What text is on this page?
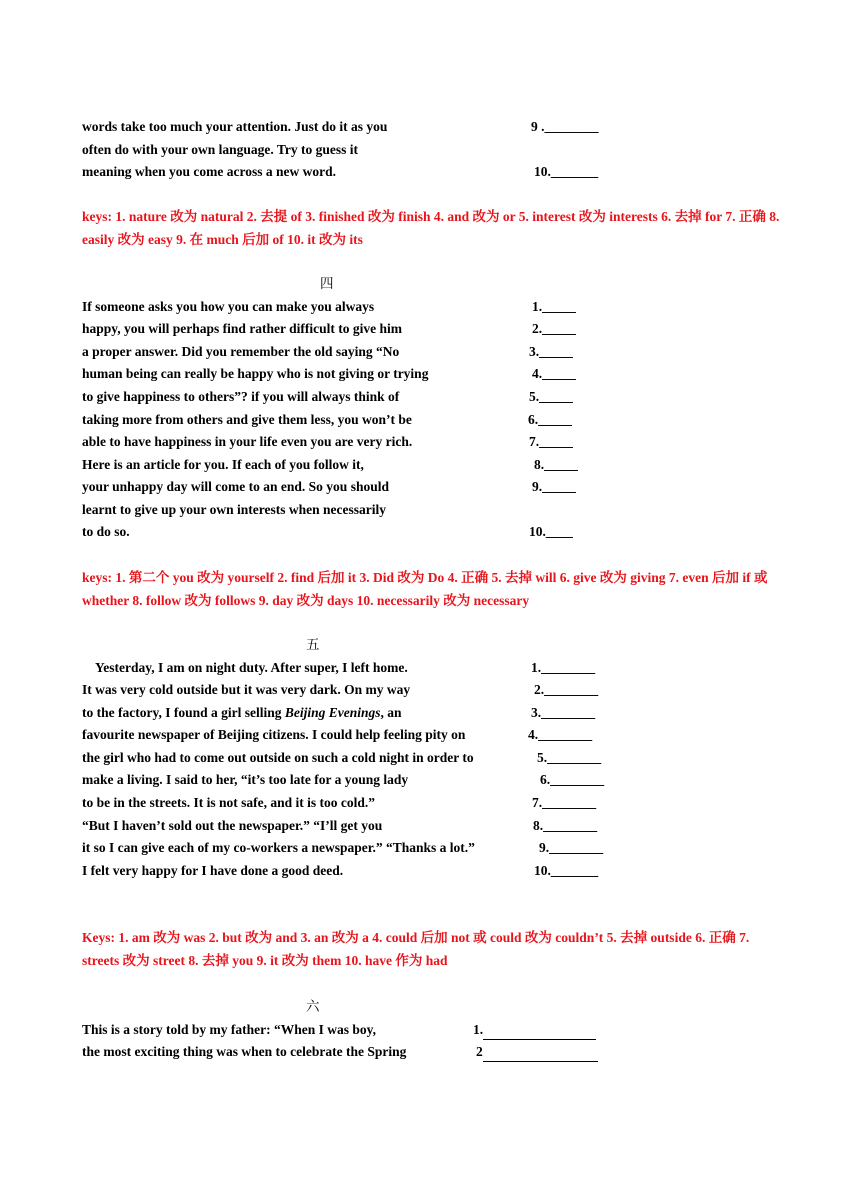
words take too much your attention. Just do it as you	9 .________
often do with your own language. Try to guess it
meaning when you come across a new word.	10._______
keys: 1. nature 改为 natural 2. 去提 of 3. finished 改为 finish 4. and 改为 or 5. interest 改为 interests 6. 去掉 for 7. 正确 8. easily 改为 easy 9. 在 much 后加 of 10. it 改为 its
四
If someone asks you how you can make you always	1._____
happy, you will perhaps find rather difficult to give him	2._____
a proper answer. Did you remember the old saying “No	3._____
human being can really be happy who is not giving or trying	4._____
to give happiness to others”? if you will always think of	5._____
taking more from others and give them less, you won’t be	6._____
able to have happiness in your life even you are very rich.	7._____
Here is an article for you. If each of you follow it,	8._____
your unhappy day will come to an end. So you should	9._____
learnt to give up your own interests when necessarily
to do so.	10.____
keys: 1. 第二个 you 改为 yourself 2. find 后加 it 3. Did 改为 Do 4. 正确 5. 去掉 will 6. give 改为 giving 7. even 后加 if 或 whether 8. follow 改为 follows 9. day 改为 days 10. necessarily 改为 necessary
五
Yesterday, I am on night duty. After super, I left home.	1.________
It was very cold outside but it was very dark. On my way	2.________
to the factory, I found a girl selling Beijing Evenings, an	3.________
favourite newspaper of Beijing citizens. I could help feeling pity on	4.________
the girl who had to come out outside on such a cold night in order to	5.________
make a living. I said to her, “it’s too late for a young lady	6.________
to be in the streets. It is not safe, and it is too cold.”	7.________
“But I haven’t sold out the newspaper.” “I’ll get you	8.________
it so I can give each of my co-workers a newspaper.” “Thanks a lot.”	9.________
I felt very happy for I have done a good deed.	10._______
Keys: 1. am 改为 was 2. but 改为 and 3. an 改为 a 4. could 后加 not 或 could 改为 couldn’t 5. 去掉 outside 6. 正确 7. streets 改为 street 8. 去掉 you 9. it 改为 them 10. have 作为 had
六
This is a story told by my father: “When I was boy,	1.
the most exciting thing was when to celebrate the Spring	2
